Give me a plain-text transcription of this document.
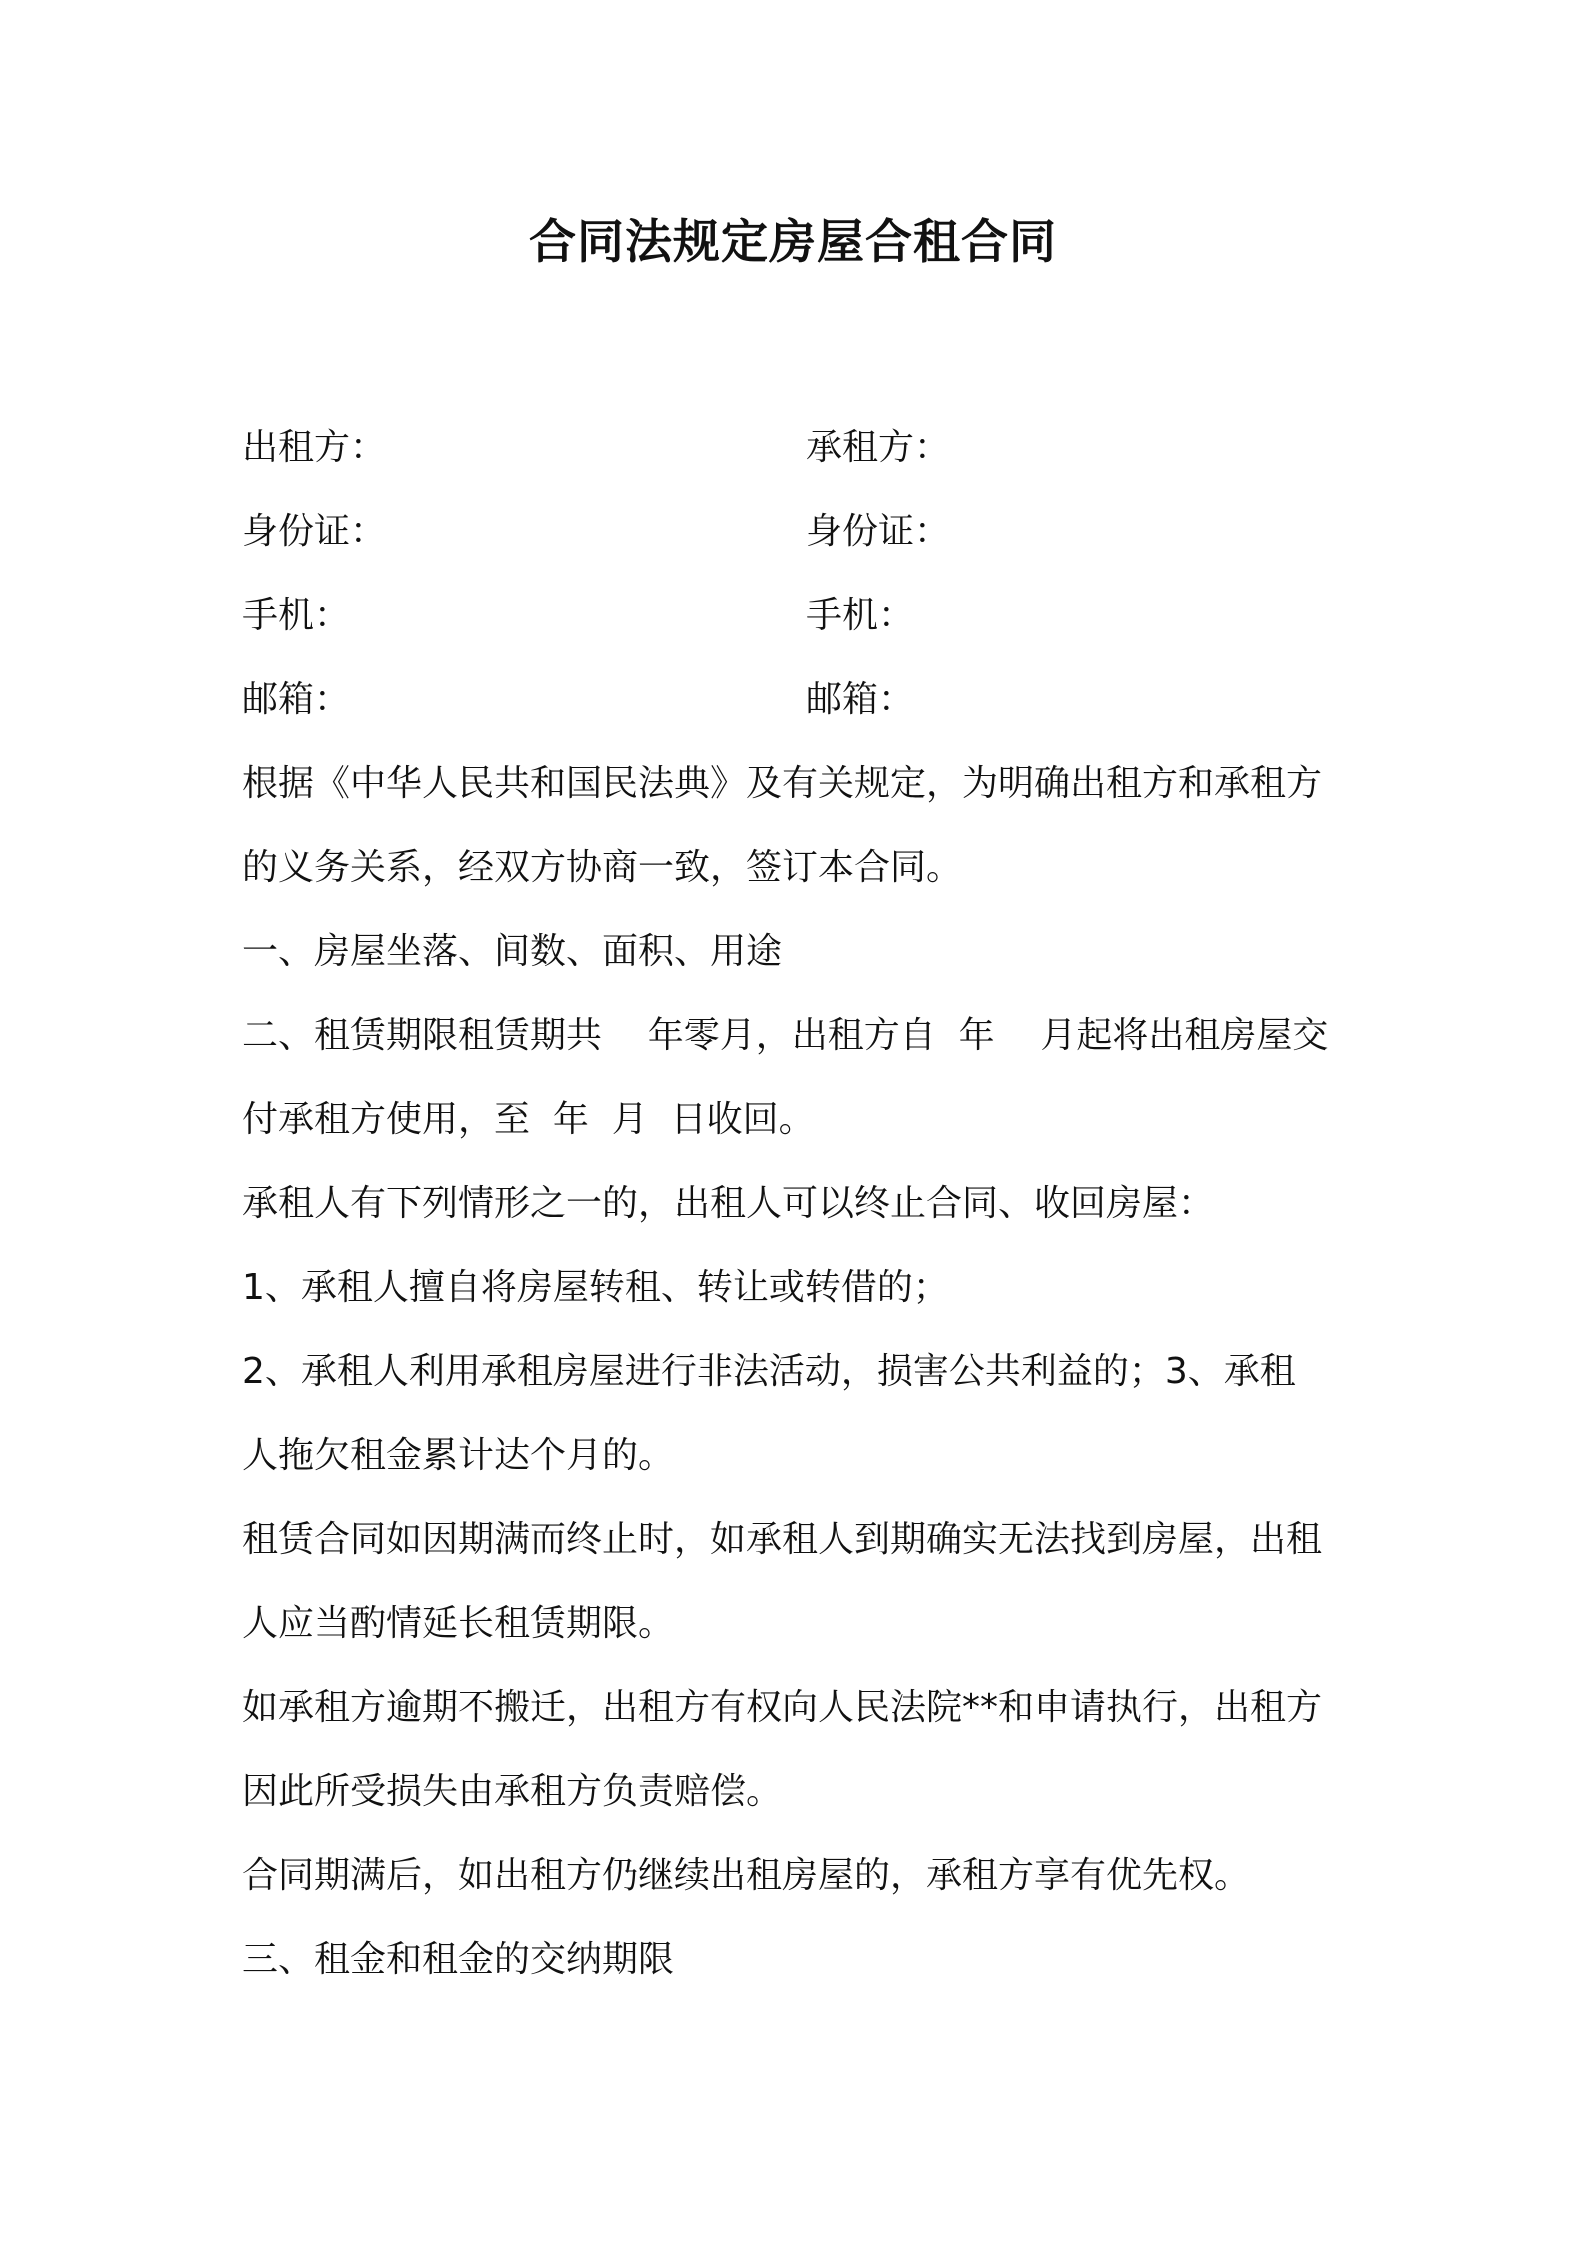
合同法规定房屋合租合同
出租方：	承租方：
身份证：	身份证：
手机：	手机：
邮箱：	邮箱：
根据《中华人民共和国民法典》及有关规定，为明确出租方和承租方
的义务关系，经双方协商一致，签订本合同。
一、房屋坐落、间数、面积、用途
二、租赁期限租赁期共    年零月，出租方自  年    月起将出租房屋交
付承租方使用，至  年  月  日收回。
承租人有下列情形之一的，出租人可以终止合同、收回房屋：
1、承租人擅自将房屋转租、转让或转借的；
2、承租人利用承租房屋进行非法活动，损害公共利益的；3、承租
人拖欠租金累计达个月的。
租赁合同如因期满而终止时，如承租人到期确实无法找到房屋，出租
人应当酌情延长租赁期限。
如承租方逾期不搬迁，出租方有权向人民法院**和申请执行，出租方
因此所受损失由承租方负责赔偿。
合同期满后，如出租方仍继续出租房屋的，承租方享有优先权。
三、租金和租金的交纳期限
